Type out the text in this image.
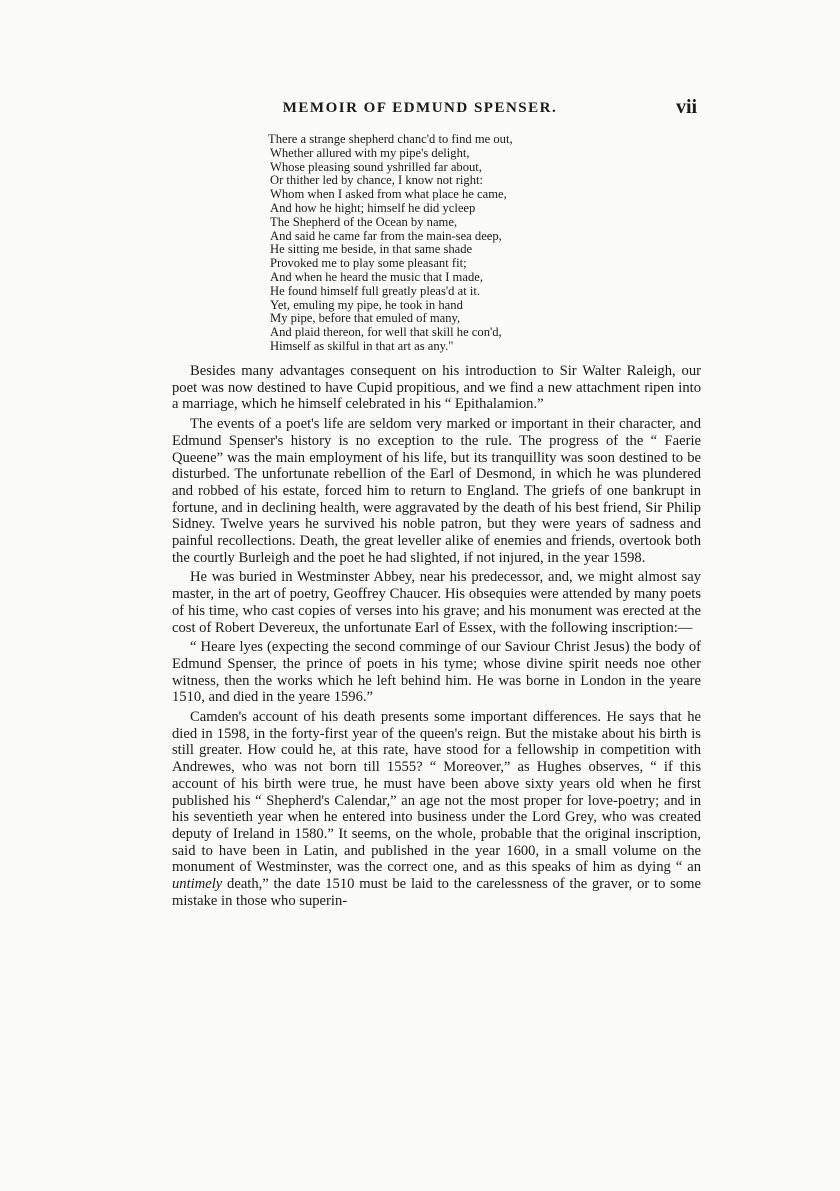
MEMOIR OF EDMUND SPENSER.	vii
There a strange shepherd chanc'd to find me out,
Whether allured with my pipe's delight,
Whose pleasing sound yshrilled far about,
Or thither led by chance, I know not right:
Whom when I asked from what place he came,
And how he hight; himself he did ycleep
The Shepherd of the Ocean by name,
And said he came far from the main-sea deep,
He sitting me beside, in that same shade
Provoked me to play some pleasant fit;
And when he heard the music that I made,
He found himself full greatly pleas'd at it.
Yet, emuling my pipe, he took in hand
My pipe, before that emuled of many,
And plaid thereon, for well that skill he con'd,
Himself as skilful in that art as any."

Besides many advantages consequent on his introduction to Sir Walter Raleigh, our poet was now destined to have Cupid propitious, and we find a new attachment ripen into a marriage, which he himself celebrated in his “ Epithalamion.”

The events of a poet's life are seldom very marked or important in their character, and Edmund Spenser's history is no exception to the rule. The progress of the “ Faerie Queene” was the main employment of his life, but its tranquillity was soon destined to be disturbed. The unfortunate rebellion of the Earl of Desmond, in which he was plundered and robbed of his estate, forced him to return to England. The griefs of one bankrupt in fortune, and in declining health, were aggravated by the death of his best friend, Sir Philip Sidney. Twelve years he survived his noble patron, but they were years of sadness and painful recollections. Death, the great leveller alike of enemies and friends, overtook both the courtly Burleigh and the poet he had slighted, if not injured, in the year 1598.

He was buried in Westminster Abbey, near his predecessor, and, we might almost say master, in the art of poetry, Geoffrey Chaucer. His obsequies were attended by many poets of his time, who cast copies of verses into his grave; and his monument was erected at the cost of Robert Devereux, the unfortunate Earl of Essex, with the following inscription:—

“ Heare lyes (expecting the second comminge of our Saviour Christ Jesus) the body of Edmund Spenser, the prince of poets in his tyme; whose divine spirit needs noe other witness, then the works which he left behind him. He was borne in London in the yeare 1510, and died in the yeare 1596.”

Camden's account of his death presents some important differences. He says that he died in 1598, in the forty-first year of the queen's reign. But the mistake about his birth is still greater. How could he, at this rate, have stood for a fellowship in competition with Andrewes, who was not born till 1555? “ Moreover,” as Hughes observes, “ if this account of his birth were true, he must have been above sixty years old when he first published his “ Shepherd's Calendar,” an age not the most proper for love-poetry; and in his seventieth year when he entered into business under the Lord Grey, who was created deputy of Ireland in 1580.” It seems, on the whole, probable that the original inscription, said to have been in Latin, and published in the year 1600, in a small volume on the monument of Westminster, was the correct one, and as this speaks of him as dying “ an untimely death,” the date 1510 must be laid to the carelessness of the graver, or to some mistake in those who superin-
